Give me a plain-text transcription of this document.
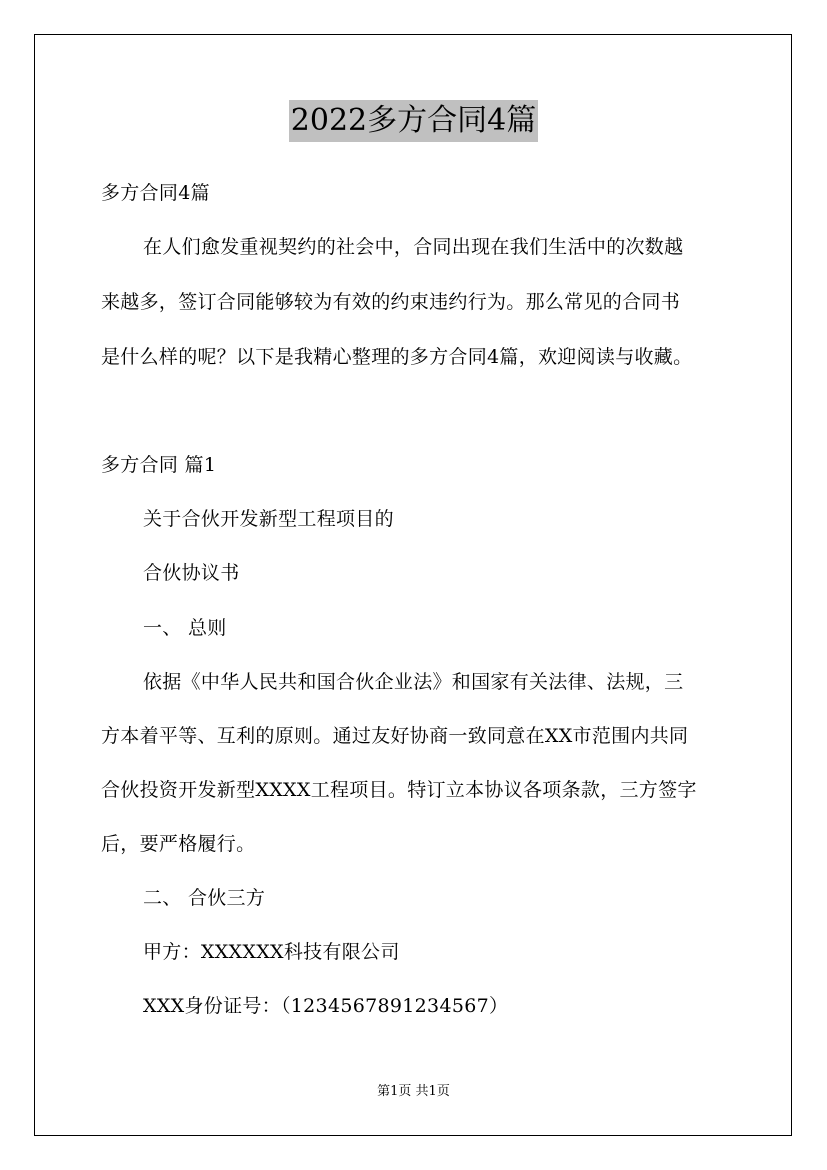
2022多方合同4篇
多方合同4篇
在人们愈发重视契约的社会中，合同出现在我们生活中的次数越
来越多，签订合同能够较为有效的约束违约行为。那么常见的合同书
是什么样的呢？以下是我精心整理的多方合同4篇，欢迎阅读与收藏。
多方合同 篇1
关于合伙开发新型工程项目的
合伙协议书
一、 总则
依据《中华人民共和国合伙企业法》和国家有关法律、法规，三
方本着平等、互利的原则。通过友好协商一致同意在XX市范围内共同
合伙投资开发新型XXXX工程项目。特订立本协议各项条款，三方签字
后，要严格履行。
二、 合伙三方
甲方：XXXXXX科技有限公司
XXX身份证号：（1234567891234567）
第1页 共1页
